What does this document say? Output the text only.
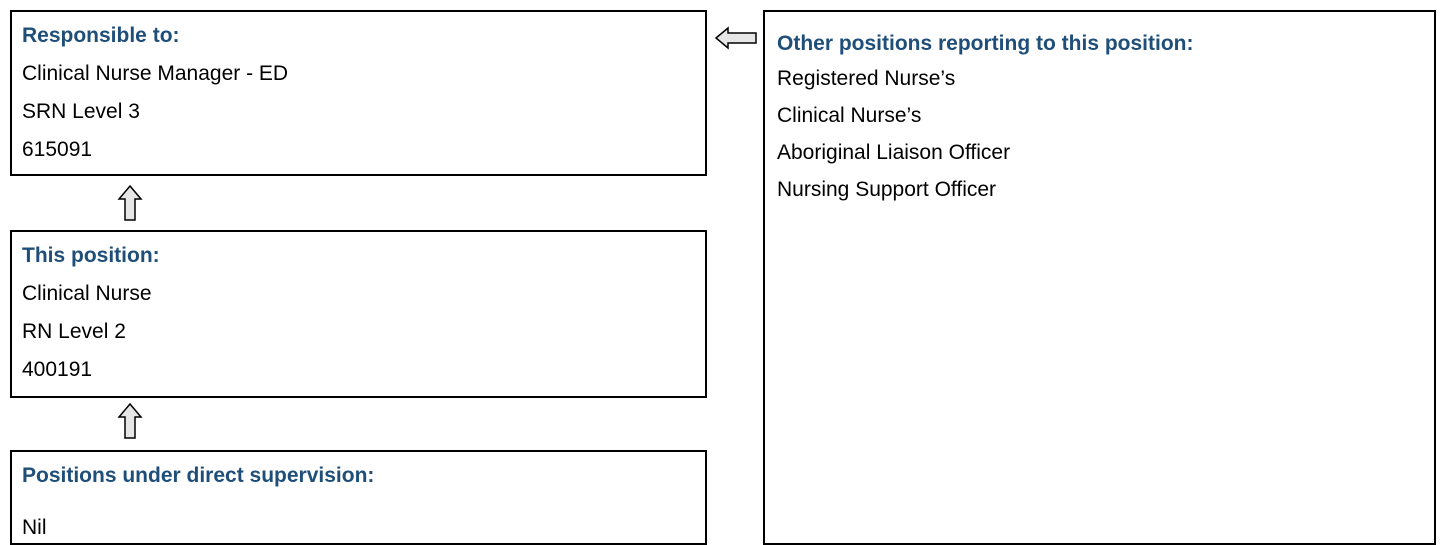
Responsible to:

Clinical Nurse Manager - ED

SRN Level 3

615091

This position:

Clinical Nurse

RN Level 2

400191

Positions under direct supervision:

Nil

Other positions reporting to this position:

Registered Nurse’s

Clinical Nurse’s

Aboriginal Liaison Officer

Nursing Support Officer
